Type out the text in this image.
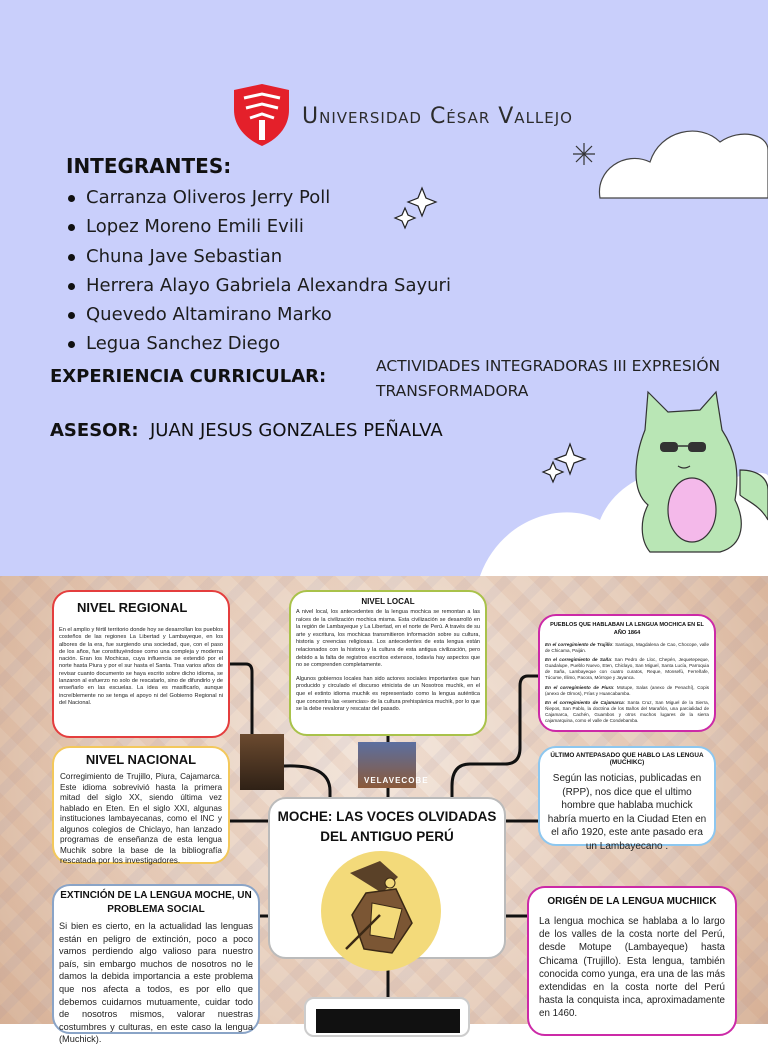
Universidad César Vallejo
INTEGRANTES:
Carranza Oliveros Jerry Poll
Lopez Moreno Emili Evili
Chuna Jave Sebastian
Herrera Alayo Gabriela Alexandra Sayuri
Quevedo Altamirano Marko
Legua Sanchez Diego
EXPERIENCIA CURRICULAR:	ACTIVIDADES INTEGRADORAS III EXPRESIÓN TRANSFORMADORA
ASESOR: JUAN JESUS GONZALES PEÑALVA
VELAVECOBE
NIVEL REGIONAL

En el amplio y fértil territorio donde hoy se desarrollan los pueblos costeños de las regiones La Libertad y Lambayeque, en los albores de la era, fue surgiendo una sociedad, que, con el paso de los años, fue constituyéndose como una compleja y moderna nación. Eran los Mochicas, cuya influencia se extendió por el norte hasta Piura y por el sur hasta el Santa. Tras varios años de revisar cuanto documento se haya escrito sobre dicho idioma, se lanzaron al esfuerzo no solo de rescatarlo, sino de difundirlo y de enseñarlo en las escuelas. La idea es masificarlo, aunque increíblemente no se tenga el apoyo ni del Gobierno Regional ni del Nacional.

NIVEL LOCAL

A nivel local, los antecedentes de la lengua mochica se remontan a las raíces de la civilización mochica misma. Esta civilización se desarrolló en la región de Lambayeque y La Libertad, en el norte de Perú. A través de su arte y escritura, los mochicas transmitieron información sobre su cultura, historia y creencias religiosas. Los antecedentes de esta lengua están relacionados con la historia y la cultura de esta antigua civilización, pero debido a la falta de registros escritos extensos, todavía hay aspectos que no se comprenden completamente.

Algunos gobiernos locales han sido actores sociales importantes que han producido y circulado el discurso etnicista de un Nosotros muchik, en el que el extinto idioma muchik es representado como la lengua auténtica que concentra las «esencias» de la cultura prehispánica muchik, por lo que se la debe revalorar y rescatar del pasado.

PUEBLOS QUE HABLABAN LA LENGUA MOCHICA EN EL AÑO 1864

En el corregimiento de Trujillo: Santiago, Magdalena de Cao, Chocope, valle de Chicama, Paiján.

En el corregimiento de Saña: San Pedro de Lloc, Chepén, Jequetepeque, Guadalupe, Pueblo Nuevo, Eten, Chiclayo, San Miguel, Santa Lucía, Parroquia de Saña, Lambayeque con cuatro curatos, Reque, Monsefú, Ferreñafe, Túcume, Illimo, Pacora, Mórrope y Jayanca.

En el corregimiento de Piura: Motupe, Salas (anexo de Penachí), Copis (anexo de Olmos), Frías y Huancabamba.

En el corregimiento de Cajamarca: Santa Cruz, San Miguel de la Sierra, Ñiepos, San Pablo, la doctrina de los Baños del Marañón, una parcialidad de Cajamarca, Cachén, Guambos y otros muchos lugares de la sierra cajamarquina, como el valle de Condebamba.

NIVEL NACIONAL

Corregimiento de Trujillo, Piura, Cajamarca. Este idioma sobrevivió hasta la primera mitad del siglo XX, siendo última vez hablado en Eten. En el siglo XXI, algunas instituciones lambayecanas, como el INC y algunos colegios de Chiclayo, han lanzado programas de enseñanza de esta lengua Muchik sobre la base de la bibliografía rescatada por los investigadores.

ÚLTIMO ANTEPASADO QUE HABLO LAS LENGUA (MUCHIKC)

Según las noticias, publicadas en (RPP), nos dice que el ultimo hombre que hablaba muchick habría muerto en la Ciudad Eten en el año 1920, este ante pasado era un Lambayecano .

MOCHE: LAS VOCES OLVIDADAS DEL ANTIGUO PERÚ
EXTINCIÓN DE LA LENGUA MOCHE, UN PROBLEMA SOCIAL

Si bien es cierto, en la actualidad las lenguas están en peligro de extinción, poco a poco vamos perdiendo algo valioso para nuestro país, sin embargo muchos de nosotros no le damos la debida importancia a este problema que nos afecta a todos, es por ello que debemos cuidarnos mutuamente, cuidar todo de nosotros mismos, valorar nuestras costumbres y culturas, en este caso la lengua (Muchick).

ORIGÉN DE LA LENGUA MUCHIICK

La lengua mochica se hablaba a lo largo de los valles de la costa norte del Perú, desde Motupe (Lambayeque) hasta Chicama (Trujillo). Esta lengua, también conocida como yunga, era una de las más extendidas en la costa norte del Perú hasta la conquista inca, aproximadamente en 1460.
